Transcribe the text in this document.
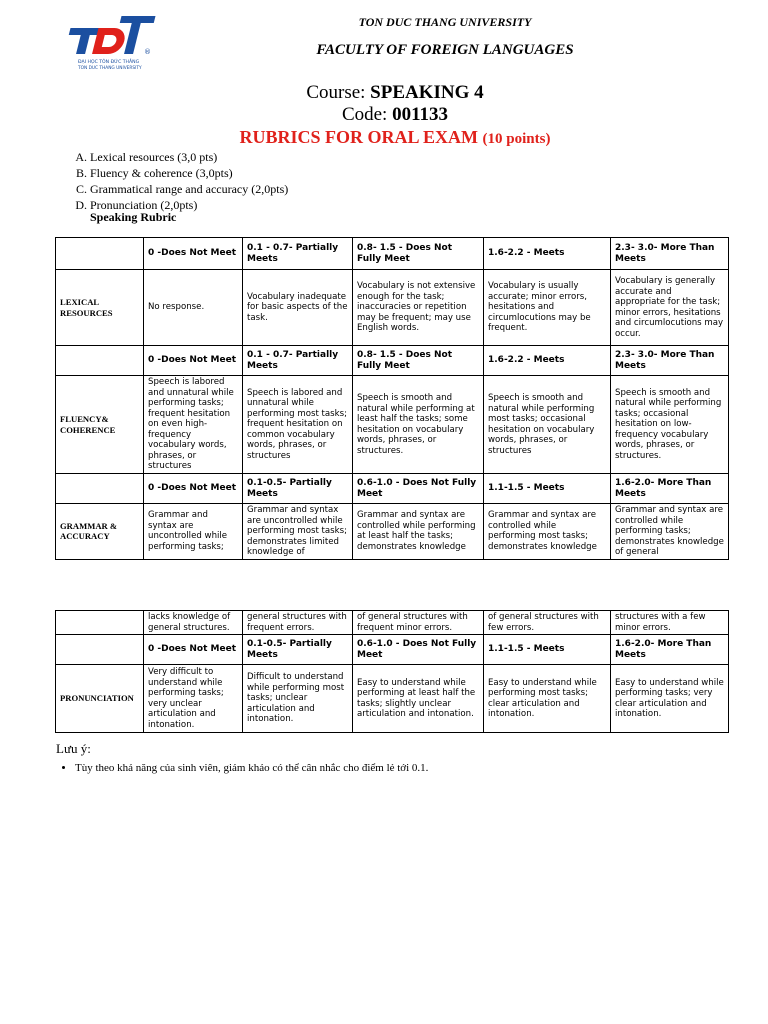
®
ĐẠI HỌC TÔN ĐỨC THẮNG
TON DUC THANG UNIVERSITY
TON DUC THANG UNIVERSITY
FACULTY OF FOREIGN LANGUAGES
Course: SPEAKING 4
Code: 001133
RUBRICS FOR ORAL EXAM (10 points)
A. Lexical resources (3,0 pts)
B. Fluency & coherence (3,0pts)
C. Grammatical range and accuracy (2,0pts)
D. Pronunciation (2,0pts)
Speaking Rubric
	0 -Does Not Meet	0.1 - 0.7- Partially Meets	0.8- 1.5 - Does Not Fully Meet	1.6-2.2 - Meets	2.3- 3.0- More Than Meets
LEXICAL RESOURCES	No response.	Vocabulary inadequate for basic aspects of the task.	Vocabulary is not extensive enough for the task; inaccuracies or repetition may be frequent; may use English words.	Vocabulary is usually accurate; minor errors, hesitations and circumlocutions may be frequent.	Vocabulary is generally accurate and appropriate for the task; minor errors, hesitations and circumlocutions may occur.
	0 -Does Not Meet	0.1 - 0.7- Partially Meets	0.8- 1.5 - Does Not Fully Meet	1.6-2.2 - Meets	2.3- 3.0- More Than Meets
FLUENCY& COHERENCE	Speech is labored and unnatural while performing tasks; frequent hesitation on even high-frequency vocabulary words, phrases, or structures	Speech is labored and unnatural while performing most tasks; frequent hesitation on common vocabulary words, phrases, or structures	Speech is smooth and natural while performing at least half the tasks; some hesitation on vocabulary words, phrases, or structures.	Speech is smooth and natural while performing most tasks; occasional hesitation on vocabulary words, phrases, or structures	Speech is smooth and natural while performing tasks; occasional hesitation on low-frequency vocabulary words, phrases, or structures.
	0 -Does Not Meet	0.1-0.5- Partially Meets	0.6-1.0 - Does Not Fully Meet	1.1-1.5 - Meets	1.6-2.0- More Than Meets
GRAMMAR & ACCURACY	Grammar and syntax are uncontrolled while performing tasks;	Grammar and syntax are uncontrolled while performing most tasks; demonstrates limited knowledge of	Grammar and syntax are controlled while performing at least half the tasks; demonstrates knowledge	Grammar and syntax are controlled while performing most tasks; demonstrates knowledge	Grammar and syntax are controlled while performing tasks; demonstrates knowledge of general
	lacks knowledge of general structures.	general structures with frequent errors.	of general structures with frequent minor errors.	of general structures with few errors.	structures with a few minor errors.
	0 -Does Not Meet	0.1-0.5- Partially Meets	0.6-1.0 - Does Not Fully Meet	1.1-1.5 - Meets	1.6-2.0- More Than Meets
PRONUNCIATION	Very difficult to understand while performing tasks; very unclear articulation and intonation.	Difficult to understand while performing most tasks; unclear articulation and intonation.	Easy to understand while performing at least half the tasks; slightly unclear articulation and intonation.	Easy to understand while performing most tasks; clear articulation and intonation.	Easy to understand while performing tasks; very clear articulation and intonation.
Lưu ý:
• Tùy theo khả năng của sinh viên, giám khảo có thể cân nhắc cho điểm lẻ tới 0.1.
